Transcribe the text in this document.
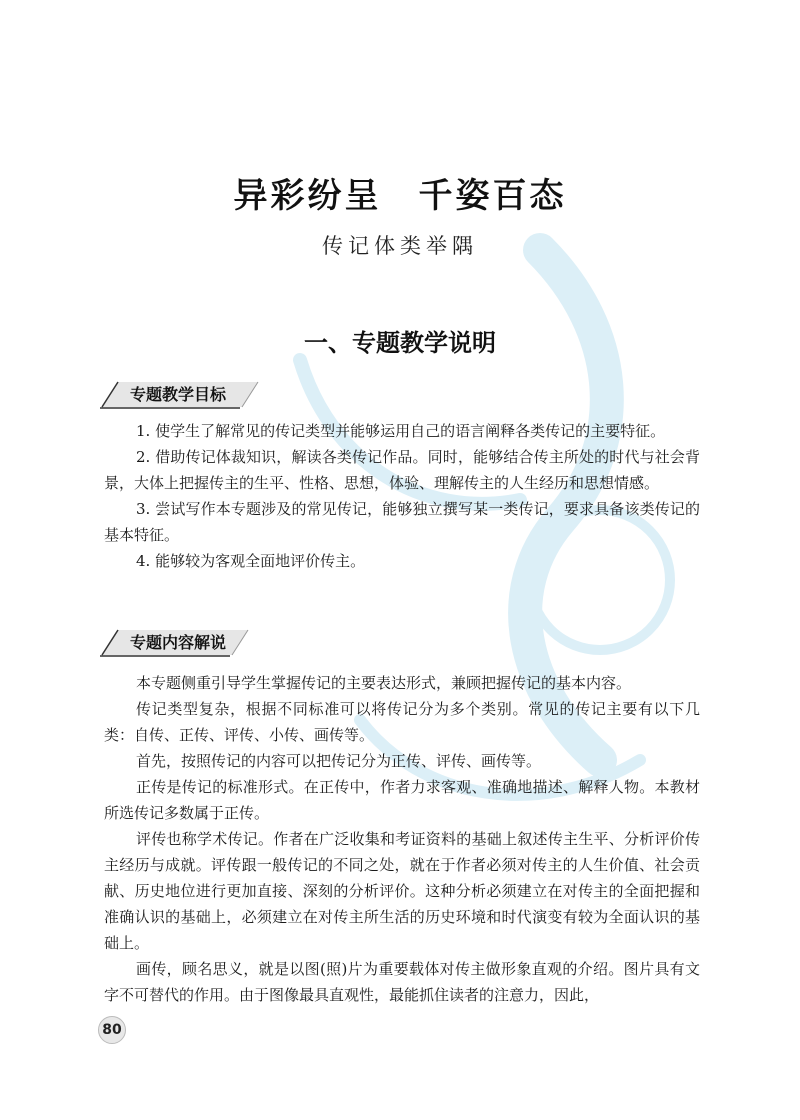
异彩纷呈　千姿百态
传记体类举隅
一、专题教学说明
专题教学目标

1. 使学生了解常见的传记类型并能够运用自己的语言阐释各类传记的主要特征。

2. 借助传记体裁知识，解读各类传记作品。同时，能够结合传主所处的时代与社会背景，大体上把握传主的生平、性格、思想，体验、理解传主的人生经历和思想情感。

3. 尝试写作本专题涉及的常见传记，能够独立撰写某一类传记，要求具备该类传记的基本特征。

4. 能够较为客观全面地评价传主。

专题内容解说

本专题侧重引导学生掌握传记的主要表达形式，兼顾把握传记的基本内容。

传记类型复杂，根据不同标准可以将传记分为多个类别。常见的传记主要有以下几类：自传、正传、评传、小传、画传等。

首先，按照传记的内容可以把传记分为正传、评传、画传等。

正传是传记的标准形式。在正传中，作者力求客观、准确地描述、解释人物。本教材所选传记多数属于正传。

评传也称学术传记。作者在广泛收集和考证资料的基础上叙述传主生平、分析评价传主经历与成就。评传跟一般传记的不同之处，就在于作者必须对传主的人生价值、社会贡献、历史地位进行更加直接、深刻的分析评价。这种分析必须建立在对传主的全面把握和准确认识的基础上，必须建立在对传主所生活的历史环境和时代演变有较为全面认识的基础上。

画传，顾名思义，就是以图(照)片为重要载体对传主做形象直观的介绍。图片具有文字不可替代的作用。由于图像最具直观性，最能抓住读者的注意力，因此，

80
